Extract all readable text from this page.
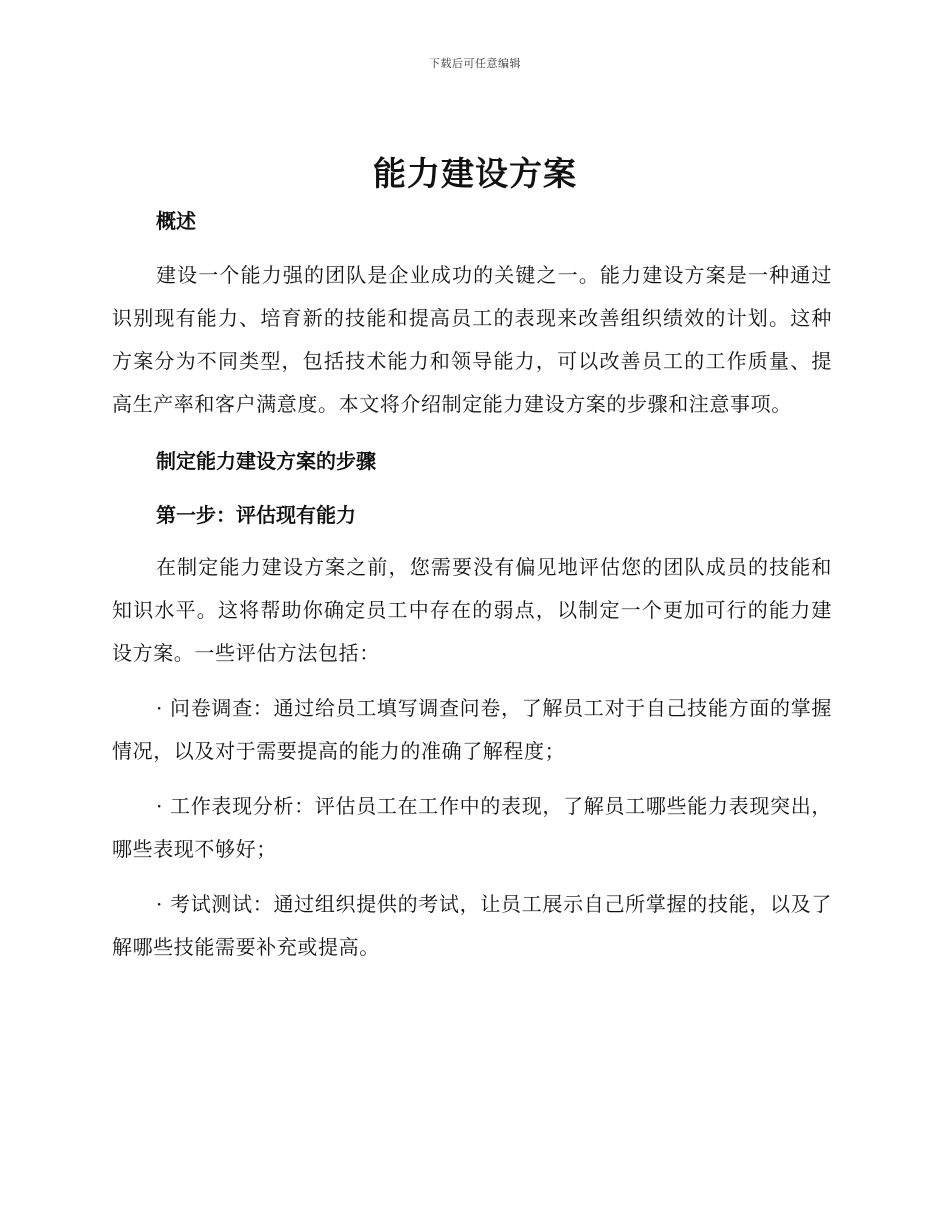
下载后可任意编辑
能力建设方案
概述

建设一个能力强的团队是企业成功的关键之一。能力建设方案是一种通过识别现有能力、培育新的技能和提高员工的表现来改善组织绩效的计划。这种方案分为不同类型，包括技术能力和领导能力，可以改善员工的工作质量、提高生产率和客户满意度。本文将介绍制定能力建设方案的步骤和注意事项。

制定能力建设方案的步骤
第一步：评估现有能力

在制定能力建设方案之前，您需要没有偏见地评估您的团队成员的技能和知识水平。这将帮助你确定员工中存在的弱点，以制定一个更加可行的能力建设方案。一些评估方法包括：

· 问卷调查：通过给员工填写调查问卷，了解员工对于自己技能方面的掌握情况，以及对于需要提高的能力的准确了解程度；

· 工作表现分析：评估员工在工作中的表现，了解员工哪些能力表现突出，哪些表现不够好；

· 考试测试：通过组织提供的考试，让员工展示自己所掌握的技能，以及了解哪些技能需要补充或提高。
